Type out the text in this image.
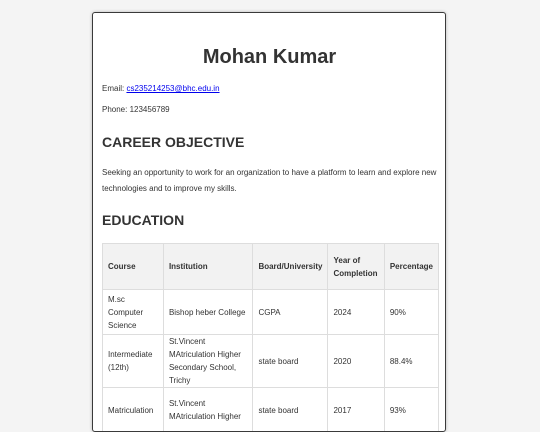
Mohan Kumar

Email: cs235214253@bhc.edu.in

Phone: 123456789

CAREER OBJECTIVE

Seeking an opportunity to work for an organization to have a platform to learn and explore new technologies and to improve my skills.

EDUCATION
Course	Institution	Board/University	Year of Completion	Percentage
M.sc Computer Science	Bishop heber College	CGPA	2024	90%
Intermediate (12th)	St.Vincent MAtriculation Higher Secondary School, Trichy	state board	2020	88.4%
Matriculation	St.Vincent MAtriculation Higher	state board	2017	93%
